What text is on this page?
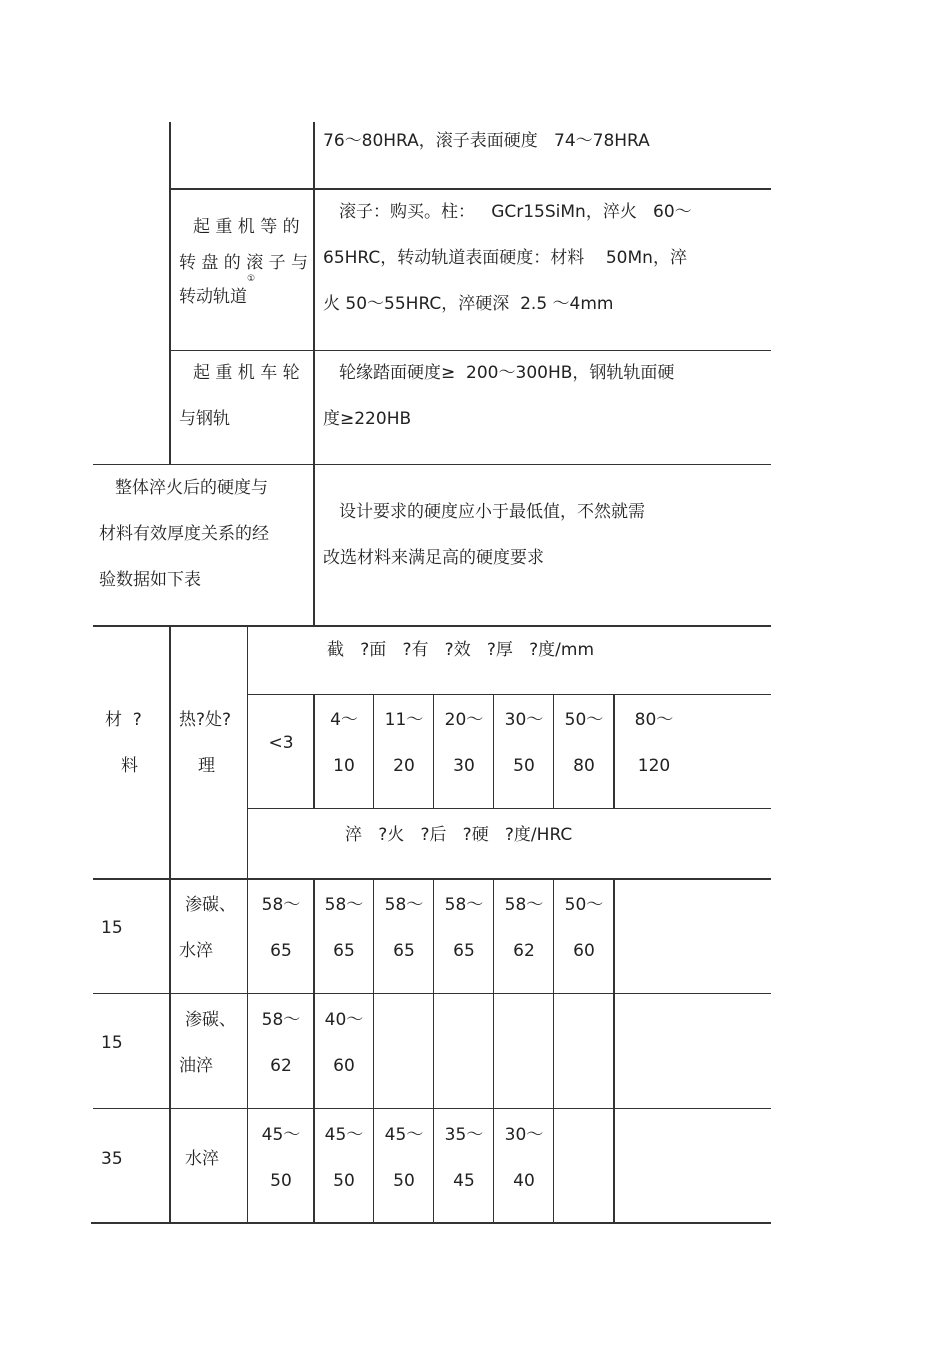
76～80HRA，滚子表面硬度   74～78HRA
起 重 机 等 的
转 盘 的 滚 子 与
转动轨道①
滚子：购买。柱：   GCr15SiMn，淬火   60～
65HRC，转动轨道表面硬度：材料    50Mn，淬
火 50～55HRC，淬硬深  2.5 ～4mm
起 重 机 车 轮
与钢轨
轮缘踏面硬度≥  200～300HB，钢轨轨面硬
度≥220HB
整体淬火后的硬度与
材料有效厚度关系的经
验数据如下表
设计要求的硬度应小于最低值，不然就需
改选材料来满足高的硬度要求
材  ?
料
热?处?
理
截   ?面   ?有   ?效   ?厚   ?度/mm
淬   ?火   ?后   ?硬   ?度/HRC
<3
4～
10
11～
20
20～
30
30～
50
50～
80
80～
120
15
渗碳、
水淬
58～
65
58～
65
58～
65
58～
65
58～
62
50～
60
15
渗碳、
油淬
58～
62
40～
60
35	水淬
45～
50
45～
50
45～
50
35～
45
30～
40
